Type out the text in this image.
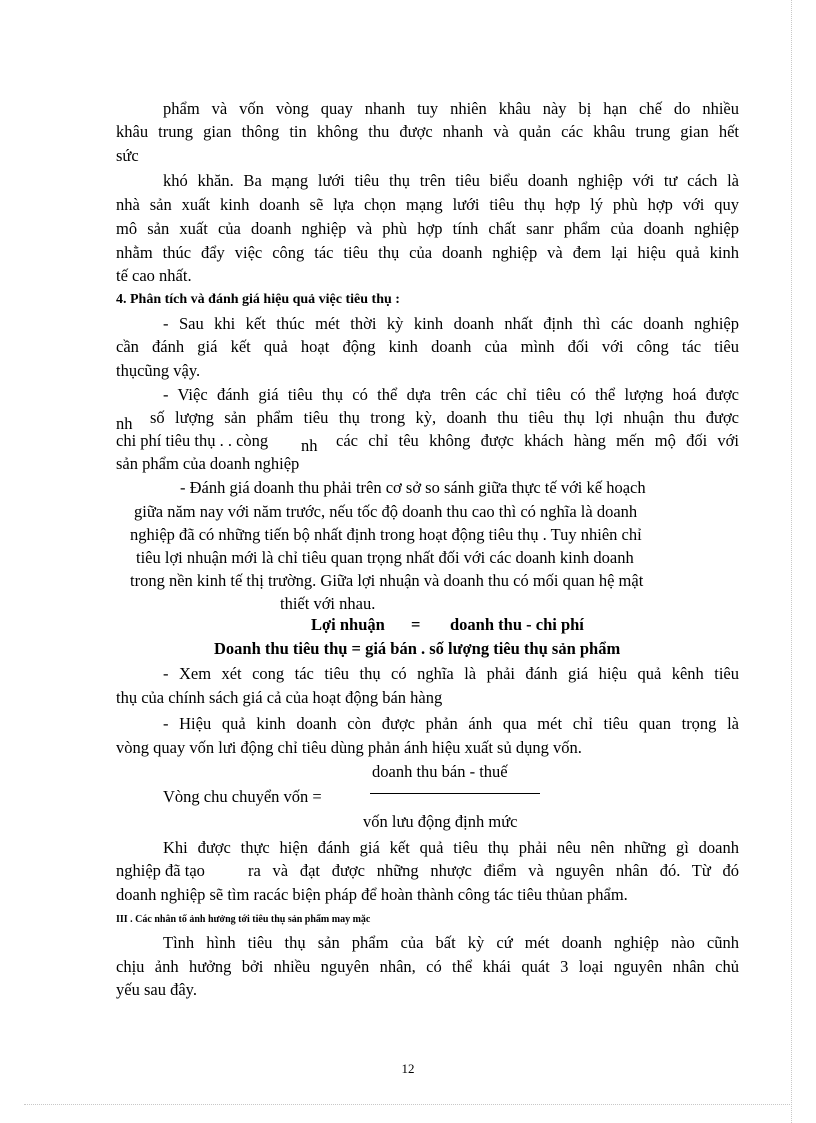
phẩm và vốn vòng quay nhanh tuy nhiên khâu này bị hạn chế do nhiều
khâu trung gian thông tin không thu được nhanh và quản các khâu trung gian hết
sức
khó khăn. Ba mạng lưới tiêu thụ trên tiêu biểu doanh nghiệp với tư cách là
nhà sản xuất kinh doanh sẽ lựa chọn mạng lưới tiêu thụ hợp lý phù hợp với quy
mô sản xuất của doanh nghiệp và phù hợp tính chất sanr phẩm của doanh nghiệp
nhằm thúc đẩy việc công tác tiêu thụ của doanh nghiệp và đem lại hiệu quả kinh
tế cao nhất.
4. Phân tích và đánh giá hiệu quả việc tiêu thụ :
- Sau khi kết thúc mét thời kỳ kinh doanh nhất định thì các doanh nghiệp
cần đánh giá kết quả hoạt động kinh doanh của mình đối với công tác tiêu
thụcũng vậy.
- Việc đánh giá tiêu thụ có thể dựa trên các chỉ tiêu có thể lượng hoá được
nh số lượng sản phẩm tiêu thụ trong kỳ, doanh thu tiêu thụ lợi nhuận thu được
chi phí tiêu thụ . . còng nh các chỉ têu không được khách hàng mến mộ đối với
sản phẩm của doanh nghiệp
- Đánh giá doanh thu phải trên cơ sở so sánh giữa thực tế với kế hoạch
giữa năm nay với năm trước, nếu tốc độ doanh thu cao thì có nghĩa là doanh
nghiệp đã có những tiến bộ nhất định trong hoạt động tiêu thụ . Tuy nhiên chỉ
tiêu lợi nhuận mới là chỉ tiêu quan trọng nhất đối với các doanh kinh doanh
trong nền kinh tế thị trường. Giữa lợi nhuận và doanh thu có mối quan hệ mật
thiết với nhau.
Lợi nhuận = doanh thu - chi phí
Doanh thu tiêu thụ = giá bán . số lượng tiêu thụ sản phẩm
- Xem xét cong tác tiêu thụ có nghĩa là phải đánh giá hiệu quả kênh tiêu
thụ của chính sách giá cả của hoạt động bán hàng
- Hiệu quả kinh doanh còn được phản ánh qua mét chỉ tiêu quan trọng là
vòng quay vốn lưi động chỉ tiêu dùng phản ánh hiệu xuất sủ dụng vốn.
doanh thu bán - thuế
Vòng chu chuyển vốn =
vốn lưu động định mức
Khi được thực hiện đánh giá kết quả tiêu thụ phải nêu nên những gì doanh
nghiệp đã tạo	ra và đạt được những nhược điểm và nguyên nhân đó. Từ đó
doanh nghiệp sẽ tìm racác biện pháp để hoàn thành công tác tiêu thủan phẩm.
III . Các nhân tố ảnh hưởng tới tiêu thụ sản phẩm may mặc
Tình hình tiêu thụ sản phẩm của bất kỳ cứ mét doanh nghiệp nào cũnh
chịu ảnh hưởng bởi nhiều nguyên nhân, có thể khái quát 3 loại nguyên nhân chủ
yếu sau đây.
12
